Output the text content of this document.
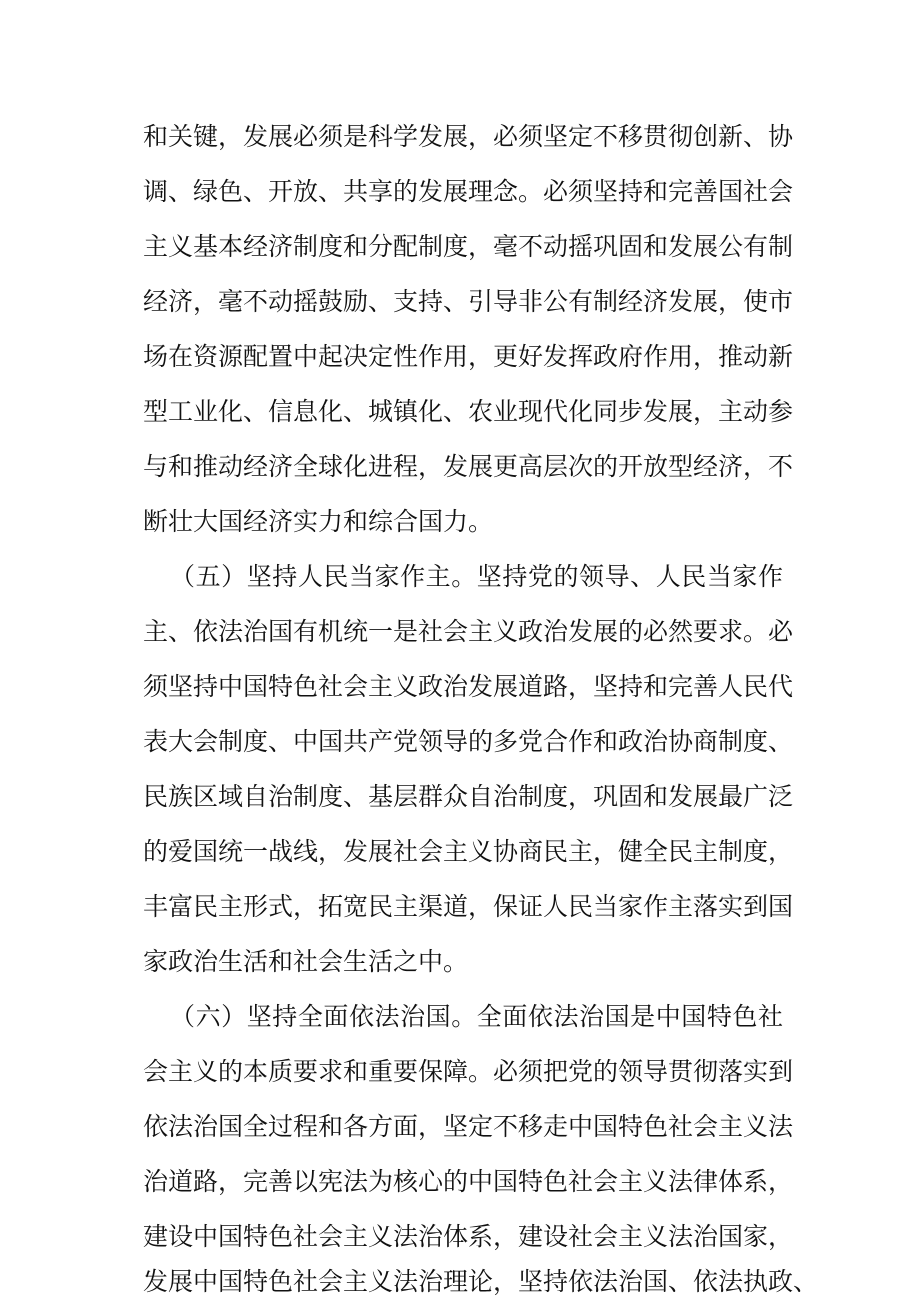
和关键，发展必须是科学发展，必须坚定不移贯彻创新、协
调、绿色、开放、共享的发展理念。必须坚持和完善国社会
主义基本经济制度和分配制度，毫不动摇巩固和发展公有制
经济，毫不动摇鼓励、支持、引导非公有制经济发展，使市
场在资源配置中起决定性作用，更好发挥政府作用，推动新
型工业化、信息化、城镇化、农业现代化同步发展，主动参
与和推动经济全球化进程，发展更高层次的开放型经济，不
断壮大国经济实力和综合国力。
（五）坚持人民当家作主。坚持党的领导、人民当家作
主、依法治国有机统一是社会主义政治发展的必然要求。必
须坚持中国特色社会主义政治发展道路，坚持和完善人民代
表大会制度、中国共产党领导的多党合作和政治协商制度、
民族区域自治制度、基层群众自治制度，巩固和发展最广泛
的爱国统一战线，发展社会主义协商民主，健全民主制度，
丰富民主形式，拓宽民主渠道，保证人民当家作主落实到国
家政治生活和社会生活之中。
（六）坚持全面依法治国。全面依法治国是中国特色社
会主义的本质要求和重要保障。必须把党的领导贯彻落实到
依法治国全过程和各方面，坚定不移走中国特色社会主义法
治道路，完善以宪法为核心的中国特色社会主义法律体系，
建设中国特色社会主义法治体系，建设社会主义法治国家，
发展中国特色社会主义法治理论，坚持依法治国、依法执政、
